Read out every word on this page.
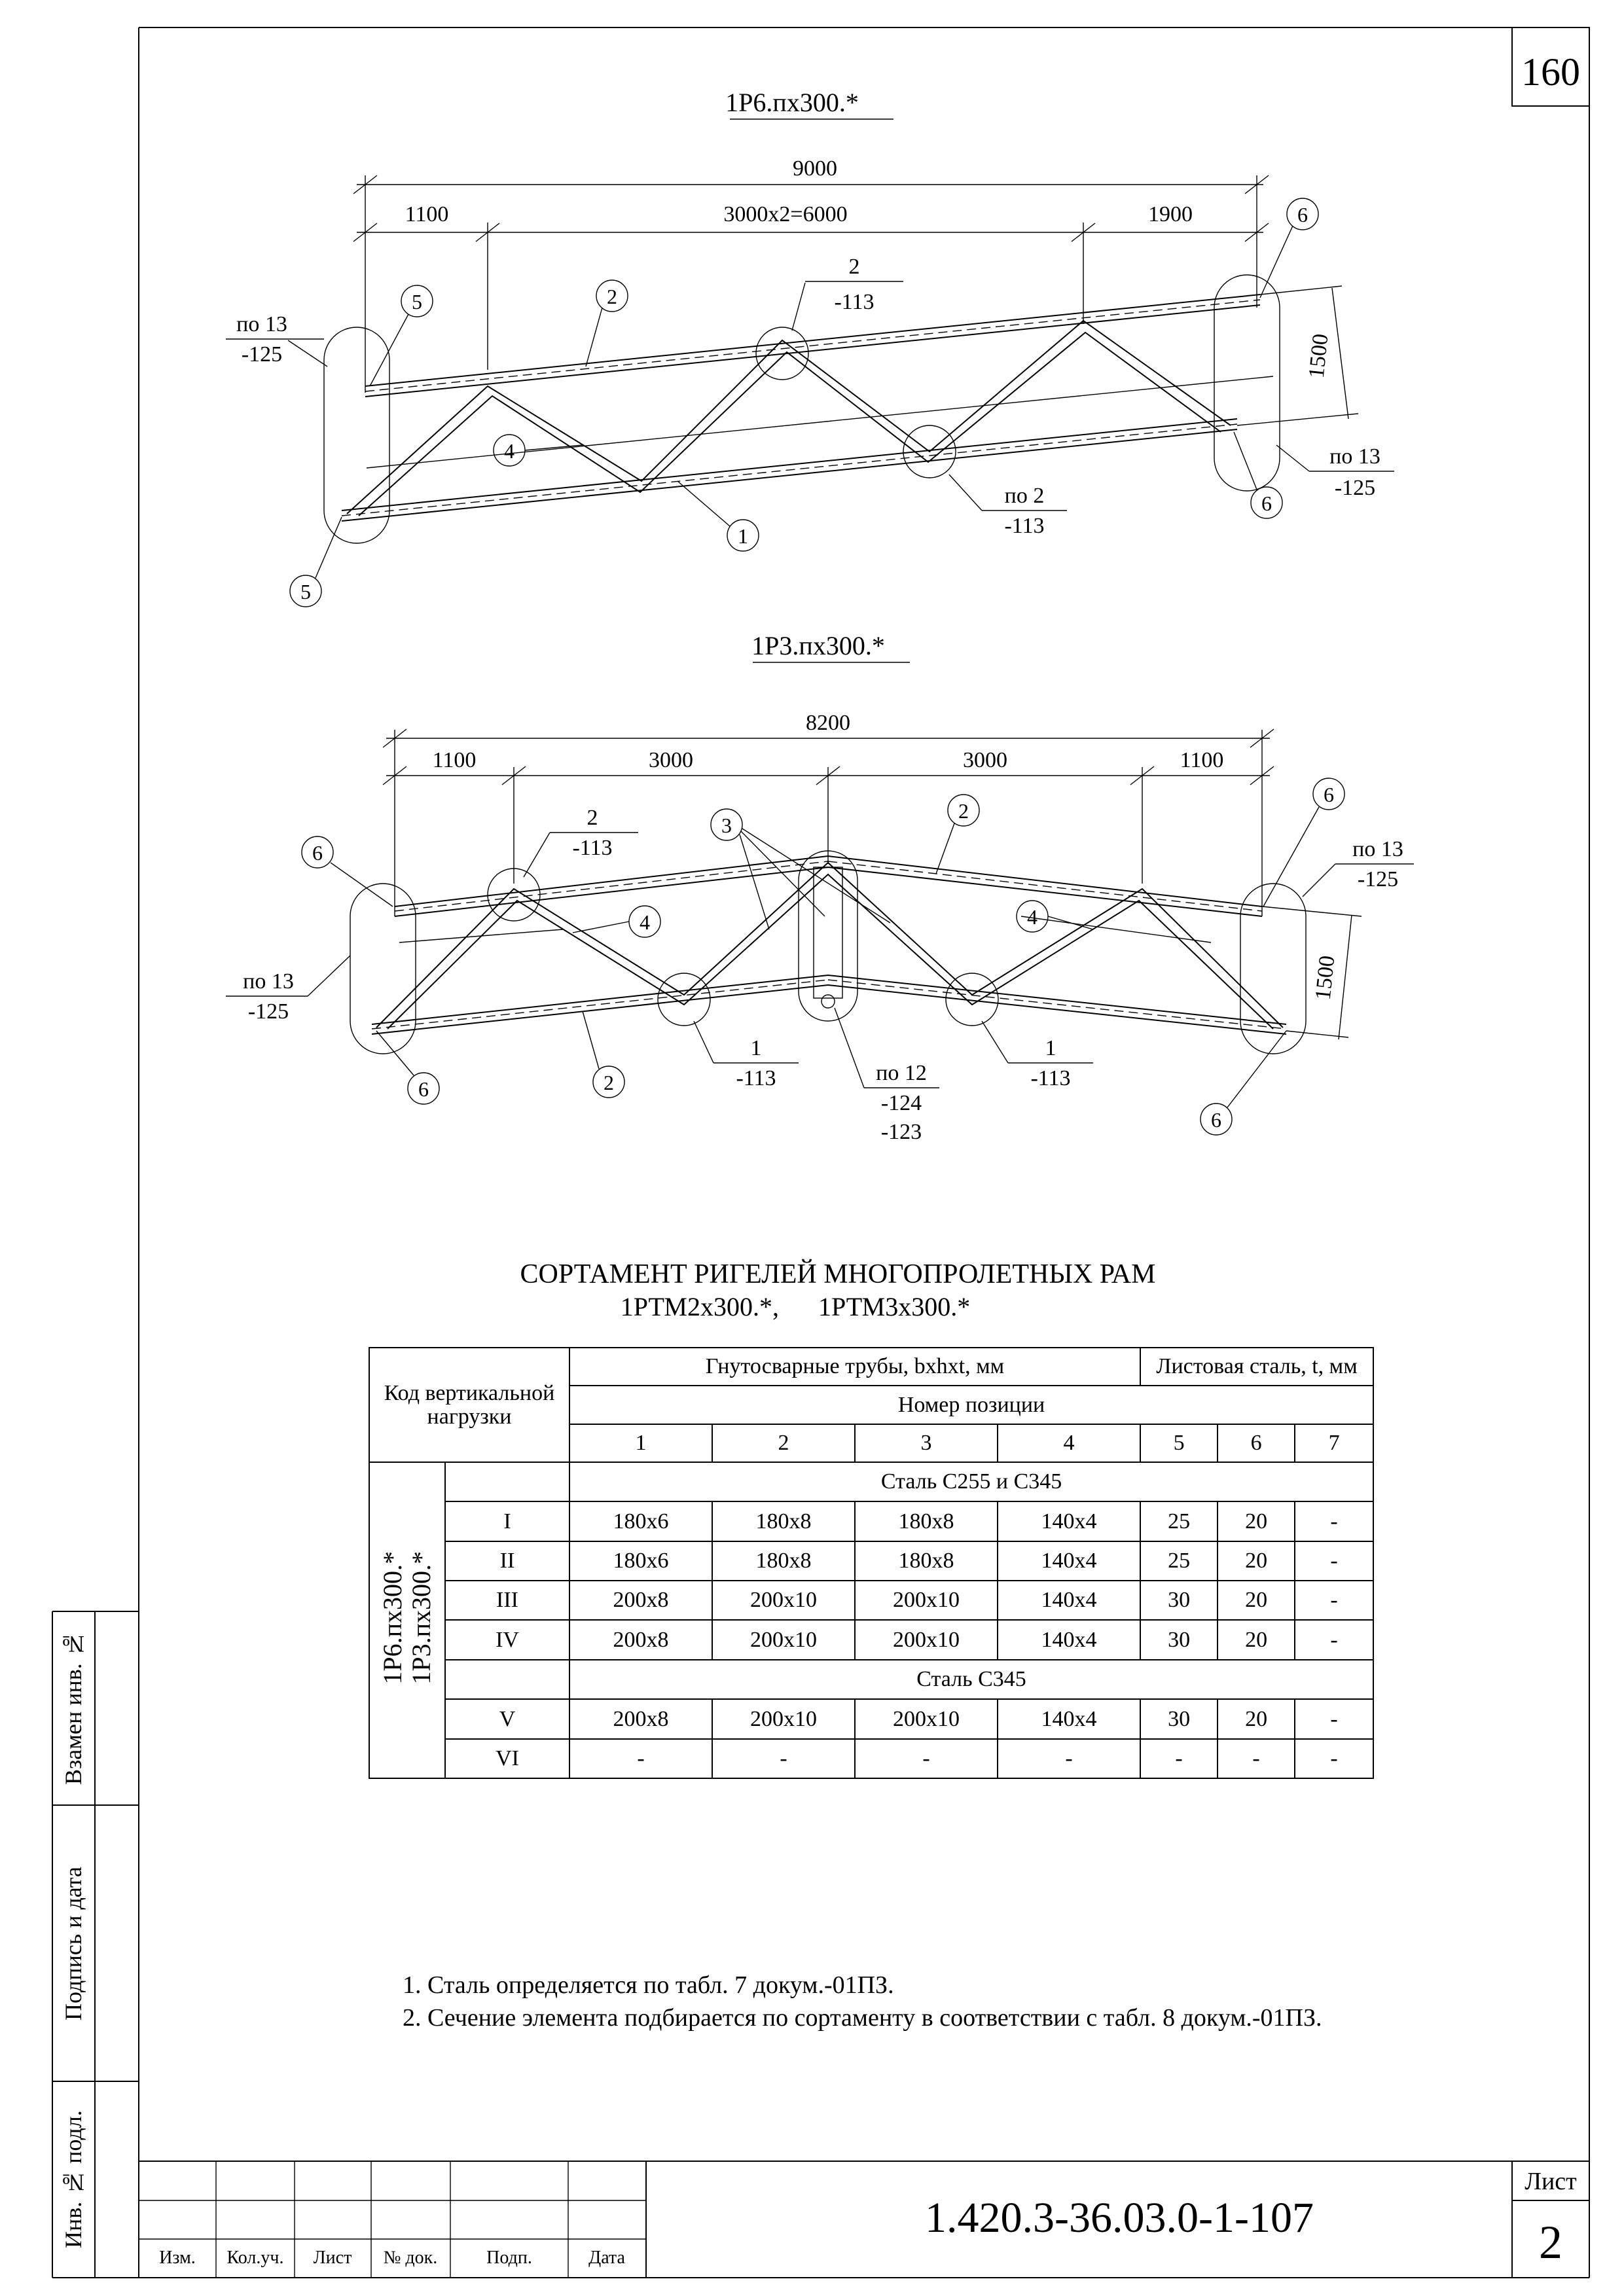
160
1Р6.пх300.*
9000
1100	3000х2=6000	1900
1500
2
5
5
6
6
4
1
по 13
-125
2
-113
по 13
-125
по 2
-113
1Р3.пх300.*
8200
1100	3000	3000	1100
1500
6
6
6
6
3
2
2
4	4
2
-113
по 13
-125
по 13
-125
1
-113	по 12
-124
-123
1
-113
СОРТАМЕНТ РИГЕЛЕЙ МНОГОПРОЛЕТНЫХ РАМ
1РТМ2х300.*,      1РТМ3х300.*
1. Сталь определяется по табл. 7 докум.-01ПЗ.
2. Сечение элемента подбирается по сортаменту в соответствии с табл. 8 докум.-01ПЗ.
Изм. Кол.уч. Лист № док.	Подп.	Дата
1.420.3-36.03.0-1-107
Лист
2
Взамен инв. №
Подпись и дата
Инв. № подл.
Код вертикальной нагрузки		Гнутосварные трубы, bxhxt, мм				Листовая сталь, t, мм		
		Номер позиции						
		1	2	3	4	5	6	7
1Р6.пх300.*
1Р3.пх300.*		Сталь С255 и С345						
	I	180х6	180х8	180х8	140х4	25	20	-
	II	180х6	180х8	180х8	140х4	25	20	-
	III	200х8	200х10	200х10	140х4	30	20	-
	IV	200х8	200х10	200х10	140х4	30	20	-
		Сталь С345						
	V	200х8	200х10	200х10	140х4	30	20	-
	VI	-	-	-	-	-	-	-
